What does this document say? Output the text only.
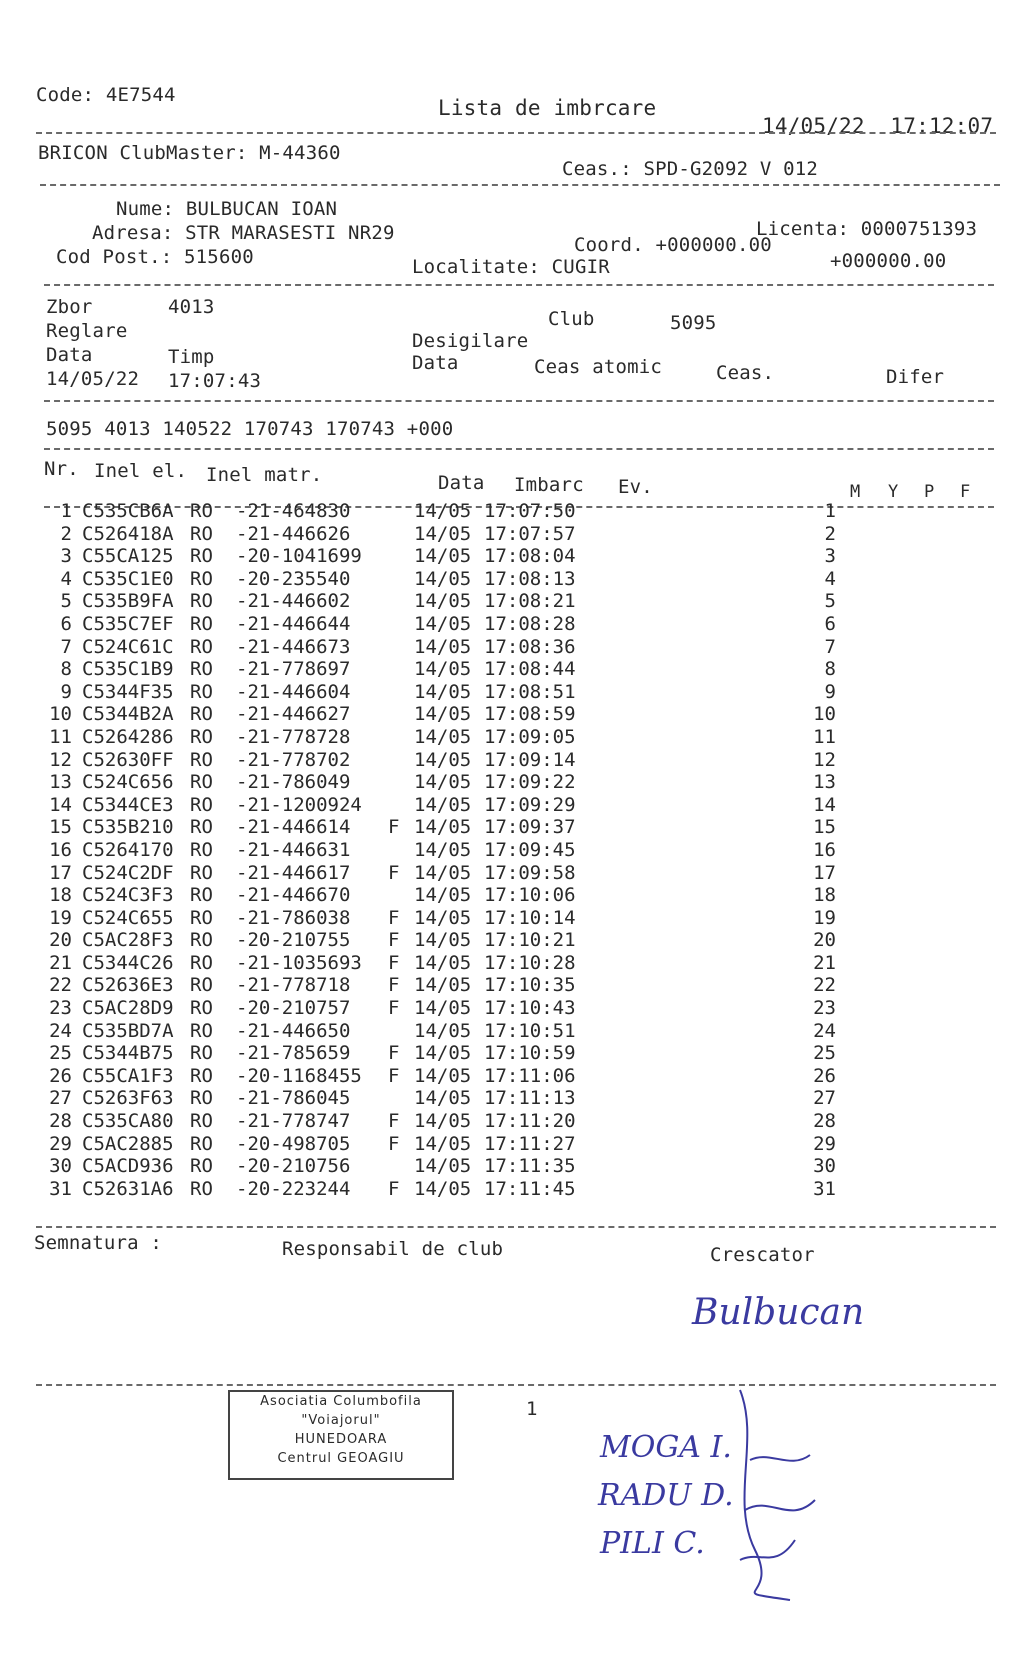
Code: 4E7544
Lista de imbrcare
14/05/22  17:12:07
BRICON ClubMaster: M-44360
Ceas.: SPD-G2092 V 012
Nume: BULBUCAN IOAN
Adresa: STR MARASESTI NR29	Licenta: 0000751393
Coord. +000000.00
+000000.00
Cod Post.: 515600	Localitate: CUGIR
Zbor	4013
Club	5095
Reglare	Desigilare
Data	Timp	Data	Ceas atomic	Ceas.	Difer
14/05/22 17:07:43
5095 4013 140522 170743 170743 +000
Nr. Inel el. Inel matr.	Data Imbarc Ev.	M Y P F
1 C535CB6A RO -21-464830	14/05 17:07:50	1
2 C526418A RO -21-446626	14/05 17:07:57	2
3 C55CA125 RO -20-1041699	14/05 17:08:04	3
4 C535C1E0 RO -20-235540	14/05 17:08:13	4
5 C535B9FA RO -21-446602	14/05 17:08:21	5
6 C535C7EF RO -21-446644	14/05 17:08:28	6
7 C524C61C RO -21-446673	14/05 17:08:36	7
8 C535C1B9 RO -21-778697	14/05 17:08:44	8
9 C5344F35 RO -21-446604	14/05 17:08:51	9
10 C5344B2A RO -21-446627	14/05 17:08:59	10
11 C5264286 RO -21-778728	14/05 17:09:05	11
12 C52630FF RO -21-778702	14/05 17:09:14	12
13 C524C656 RO -21-786049	14/05 17:09:22	13
14 C5344CE3 RO -21-1200924	14/05 17:09:29	14
15 C535B210 RO -21-446614 F 14/05 17:09:37	15
16 C5264170 RO -21-446631	14/05 17:09:45	16
17 C524C2DF RO -21-446617 F 14/05 17:09:58	17
18 C524C3F3 RO -21-446670	14/05 17:10:06	18
19 C524C655 RO -21-786038 F 14/05 17:10:14	19
20 C5AC28F3 RO -20-210755 F 14/05 17:10:21	20
21 C5344C26 RO -21-1035693 F 14/05 17:10:28	21
22 C52636E3 RO -21-778718 F 14/05 17:10:35	22
23 C5AC28D9 RO -20-210757 F 14/05 17:10:43	23
24 C535BD7A RO -21-446650	14/05 17:10:51	24
25 C5344B75 RO -21-785659 F 14/05 17:10:59	25
26 C55CA1F3 RO -20-1168455 F 14/05 17:11:06	26
27 C5263F63 RO -21-786045	14/05 17:11:13	27
28 C535CA80 RO -21-778747 F 14/05 17:11:20	28
29 C5AC2885 RO -20-498705 F 14/05 17:11:27	29
30 C5ACD936 RO -20-210756	14/05 17:11:35	30
31 C52631A6 RO -20-223244 F 14/05 17:11:45	31
Semnatura :	Responsabil de club	Crescator
Bulbucan
Asociatia Columbofila
"Voiajorul"
HUNEDOARA
Centrul GEOAGIU
1
MOGA I.
RADU D.
PILI C.
